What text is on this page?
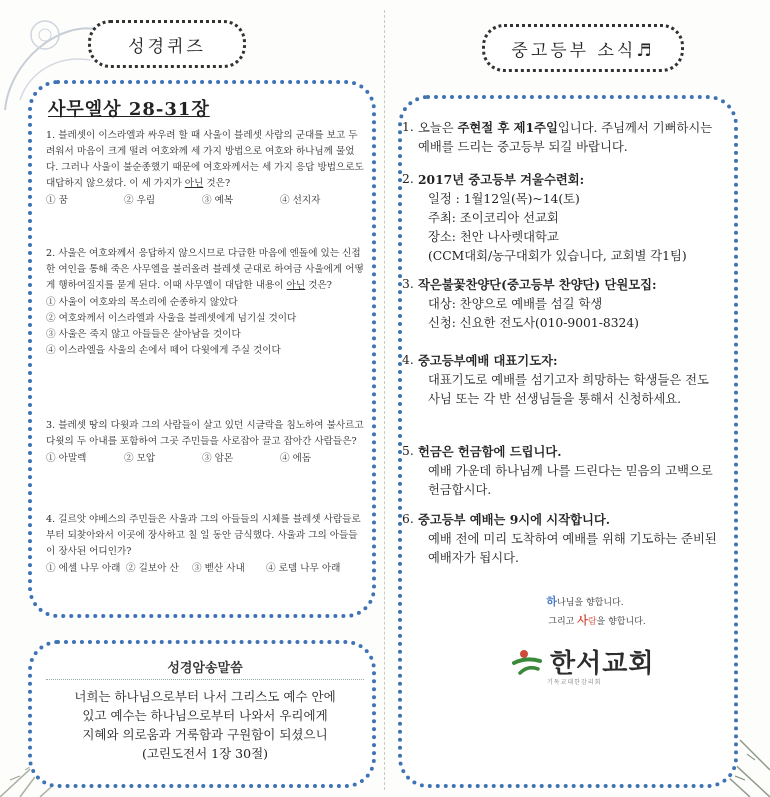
성경퀴즈
사무엘상 28-31장
1. 블레셋이 이스라엘과 싸우려 할 때 사울이 블레셋 사람의 군대를 보고 두려워서 마음이 크게 떨려 여호와께 세 가지 방법으로 여호와 하나님께 물었다. 그러나 사울이 불순종했기 때문에 여호와께서는 세 가지 응답 방법으로도 대답하지 않으셨다. 이 세 가지가 아닌 것은?
① 꿈	② 우림	③ 예복	④ 선지자
2. 사울은 여호와께서 응답하지 않으시므로 다급한 마음에 엔돌에 있는 신접한 여인을 통해 죽은 사무엘을 불러올려 블레셋 군대로 하여금 사울에게 어떻게 행하여질지를 묻게 된다. 이때 사무엘이 대답한 내용이 아닌 것은?
① 사울이 여호와의 목소리에 순종하지 않았다
② 여호와께서 이스라엘과 사울을 블레셋에게 넘기실 것이다
③ 사울은 죽지 않고 아들들은 살아남을 것이다
④ 이스라엘을 사울의 손에서 떼어 다윗에게 주실 것이다
3. 블레셋 땅의 다윗과 그의 사람들이 살고 있던 시글락을 침노하여 불사르고 다윗의 두 아내를 포함하여 그곳 주민들을 사로잡아 끌고 잡아간 사람들은?
① 아말렉	② 모압	③ 암몬	④ 에돔
4. 길르앗 야베스의 주민들은 사울과 그의 아들들의 시체를 블레셋 사람들로부터 되찾아와서 이곳에 장사하고 칠 일 동안 금식했다. 사울과 그의 아들들이 장사된 어디인가?
① 에셀 나무 아래 ② 길보아 산	③ 벧산 사내	④ 로뎀 나무 아래
성경암송말씀
너희는 하나님으로부터 나서 그리스도 예수 안에
있고 예수는 하나님으로부터 나와서 우리에게
지혜와 의로움과 거룩함과 구원함이 되셨으니
(고린도전서 1장 30절)
중고등부 소식♬
1. 오늘은 주현절 후 제1주일입니다. 주님께서 기뻐하시는 예배를 드리는 중고등부 되길 바랍니다.
2. 2017년 중고등부 겨울수련회:
일정 : 1월12일(목)~14(토)
주최: 조이코리아 선교회
장소: 천안 나사렛대학교
(CCM대회/농구대회가 있습니다, 교회별 각1팀)
3. 작은불꽃찬양단(중고등부 찬양단) 단원모집:
대상: 찬양으로 예배를 섬길 학생
신청: 신요한 전도사(010-9001-8324)
4. 중고등부예배 대표기도자:
대표기도로 예배를 섬기고자 희망하는 학생들은 전도사님 또는 각 반 선생님들을 통해서 신청하세요.
5. 헌금은 헌금함에 드립니다.
예배 가운데 하나님께 나를 드린다는 믿음의 고백으로 헌금합시다.
6. 중고등부 예배는 9시에 시작합니다.
예배 전에 미리 도착하여 예배를 위해 기도하는 준비된 예배자가 됩시다.
하나님을 향합니다.
그리고 사람을 향합니다.
한서교회
기독교대한감리회
